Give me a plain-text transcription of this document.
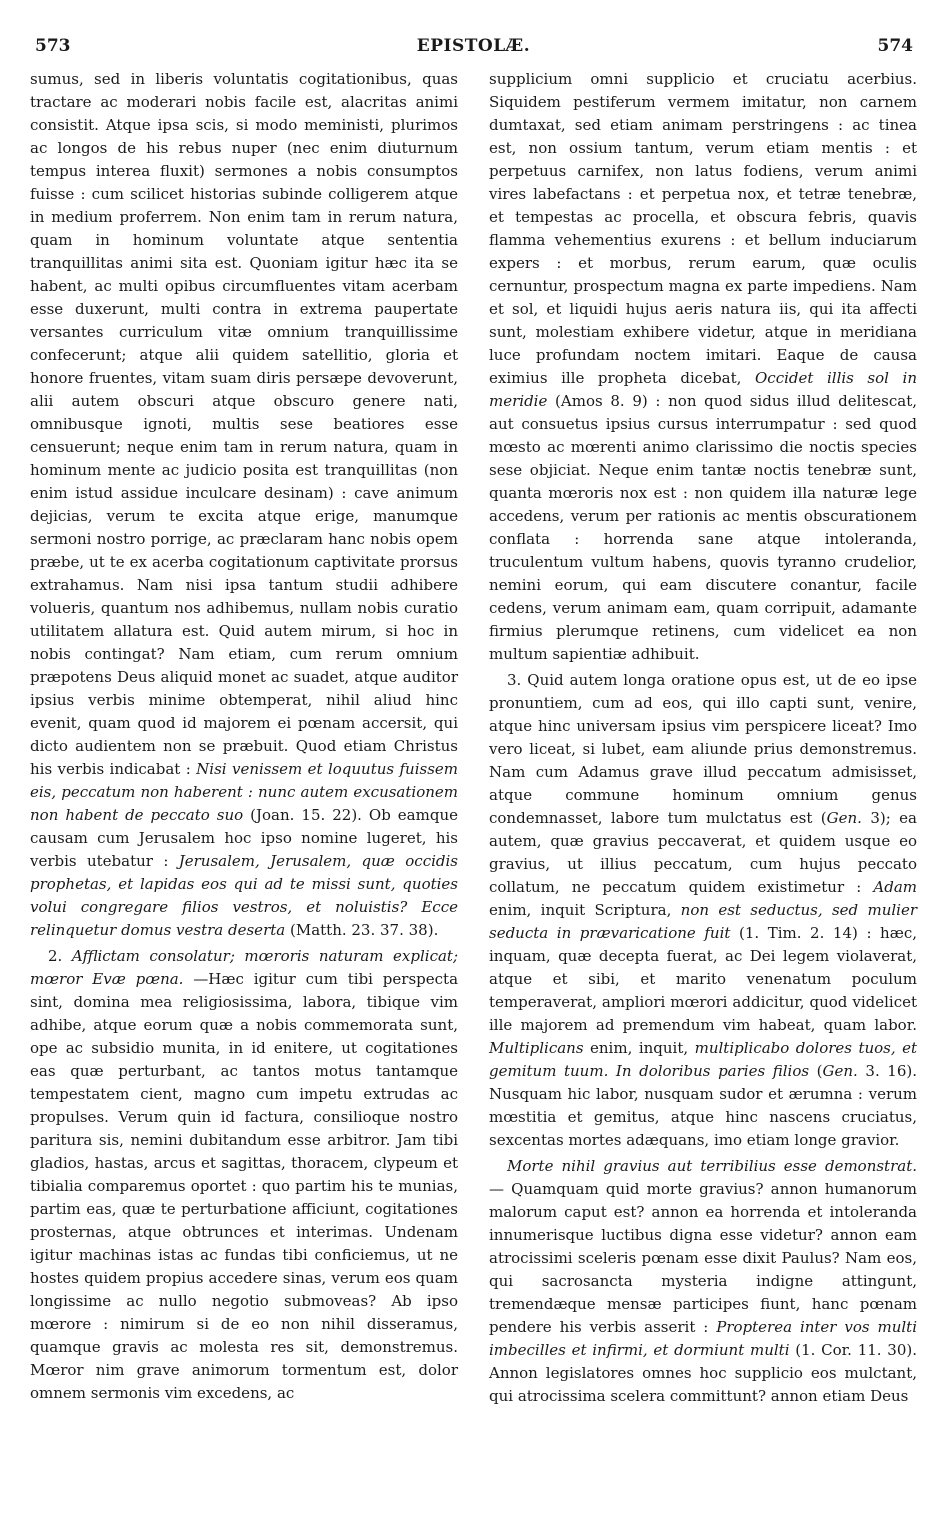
573	EPISTOLÆ.	574

sumus, sed in liberis voluntatis cogitationibus, quas tractare ac moderari nobis facile est, alacritas animi consistit. Atque ipsa scis, si modo meministi, plurimos ac longos de his rebus nuper (nec enim diuturnum tempus interea fluxit) sermones a nobis consumptos fuisse : cum scilicet historias subinde colligerem atque in medium proferrem. Non enim tam in rerum natura, quam in hominum voluntate atque sententia tranquillitas animi sita est. Quoniam igitur hæc ita se habent, ac multi opibus circumfluentes vitam acerbam esse duxerunt, multi contra in extrema paupertate versantes curriculum vitæ omnium tranquillissime confecerunt; atque alii quidem satellitio, gloria et honore fruentes, vitam suam diris persæpe devoverunt, alii autem obscuri atque obscuro genere nati, omnibusque ignoti, multis sese beatiores esse censuerunt; neque enim tam in rerum natura, quam in hominum mente ac judicio posita est tranquillitas (non enim istud assidue inculcare desinam) : cave animum dejicias, verum te excita atque erige, manumque sermoni nostro porrige, ac præclaram hanc nobis opem præbe, ut te ex acerba cogitationum captivitate prorsus extrahamus. Nam nisi ipsa tantum studii adhibere volueris, quantum nos adhibemus, nullam nobis curatio utilitatem allatura est. Quid autem mirum, si hoc in nobis contingat? Nam etiam, cum rerum omnium præpotens Deus aliquid monet ac suadet, atque auditor ipsius verbis minime obtemperat, nihil aliud hinc evenit, quam quod id majorem ei pœnam accersit, qui dicto audientem non se præbuit. Quod etiam Christus his verbis indicabat : Nisi venissem et loquutus fuissem eis, peccatum non haberent : nunc autem excusationem non habent de peccato suo (Joan. 15. 22). Ob eamque causam cum Jerusalem hoc ipso nomine lugeret, his verbis utebatur : Jerusalem, Jerusalem, quæ occidis prophetas, et lapidas eos qui ad te missi sunt, quoties volui congregare filios vestros, et noluistis? Ecce relinquetur domus vestra deserta (Matth. 23. 37. 38).

2. Afflictam consolatur; mœroris naturam explicat; mœror Evæ pœna. —Hæc igitur cum tibi perspecta sint, domina mea religiosissima, labora, tibique vim adhibe, atque eorum quæ a nobis commemorata sunt, ope ac subsidio munita, in id enitere, ut cogitationes eas quæ perturbant, ac tantos motus tantamque tempestatem cient, magno cum impetu extrudas ac propulses. Verum quin id factura, consilioque nostro paritura sis, nemini dubitandum esse arbitror. Jam tibi gladios, hastas, arcus et sagittas, thoracem, clypeum et tibialia comparemus oportet : quo partim his te munias, partim eas, quæ te perturbatione afficiunt, cogitationes prosternas, atque obtrunces et interimas. Undenam igitur machinas istas ac fundas tibi conficiemus, ut ne hostes quidem propius accedere sinas, verum eos quam longissime ac nullo negotio submoveas? Ab ipso mœrore : nimirum si de eo non nihil disseramus, quamque gravis ac molesta res sit, demonstremus. Mœror nim grave animorum tormentum est, dolor omnem sermonis vim excedens, ac

supplicium omni supplicio et cruciatu acerbius. Siquidem pestiferum vermem imitatur, non carnem dumtaxat, sed etiam animam perstringens : ac tinea est, non ossium tantum, verum etiam mentis : et perpetuus carnifex, non latus fodiens, verum animi vires labefactans : et perpetua nox, et tetræ tenebræ, et tempestas ac procella, et obscura febris, quavis flamma vehementius exurens : et bellum induciarum expers : et morbus, rerum earum, quæ oculis cernuntur, prospectum magna ex parte impediens. Nam et sol, et liquidi hujus aeris natura iis, qui ita affecti sunt, molestiam exhibere videtur, atque in meridiana luce profundam noctem imitari. Eaque de causa eximius ille propheta dicebat, Occidet illis sol in meridie (Amos 8. 9) : non quod sidus illud delitescat, aut consuetus ipsius cursus interrumpatur : sed quod mœsto ac mœrenti animo clarissimo die noctis species sese objiciat. Neque enim tantæ noctis tenebræ sunt, quanta mœroris nox est : non quidem illa naturæ lege accedens, verum per rationis ac mentis obscurationem conflata : horrenda sane atque intoleranda, truculentum vultum habens, quovis tyranno crudelior, nemini eorum, qui eam discutere conantur, facile cedens, verum animam eam, quam corripuit, adamante firmius plerumque retinens, cum videlicet ea non multum sapientiæ adhibuit.

3. Quid autem longa oratione opus est, ut de eo ipse pronuntiem, cum ad eos, qui illo capti sunt, venire, atque hinc universam ipsius vim perspicere liceat? Imo vero liceat, si lubet, eam aliunde prius demonstremus. Nam cum Adamus grave illud peccatum admisisset, atque commune hominum omnium genus condemnasset, labore tum mulctatus est (Gen. 3); ea autem, quæ gravius peccaverat, et quidem usque eo gravius, ut illius peccatum, cum hujus peccato collatum, ne peccatum quidem existimetur : Adam enim, inquit Scriptura, non est seductus, sed mulier seducta in prævaricatione fuit (1. Tim. 2. 14) : hæc, inquam, quæ decepta fuerat, ac Dei legem violaverat, atque et sibi, et marito venenatum poculum temperaverat, ampliori mœrori addicitur, quod videlicet ille majorem ad premendum vim habeat, quam labor. Multiplicans enim, inquit, multiplicabo dolores tuos, et gemitum tuum. In doloribus paries filios (Gen. 3. 16). Nusquam hic labor, nusquam sudor et ærumna : verum mœstitia et gemitus, atque hinc nascens cruciatus, sexcentas mortes adæquans, imo etiam longe gravior.

Morte nihil gravius aut terribilius esse demonstrat. — Quamquam quid morte gravius? annon humanorum malorum caput est? annon ea horrenda et intoleranda innumerisque luctibus digna esse videtur? annon eam atrocissimi sceleris pœnam esse dixit Paulus? Nam eos, qui sacrosancta mysteria indigne attingunt, tremendæque mensæ participes fiunt, hanc pœnam pendere his verbis asserit : Propterea inter vos multi imbecilles et infirmi, et dormiunt multi (1. Cor. 11. 30). Annon legislatores omnes hoc supplicio eos mulctant, qui atrocissima scelera committunt? annon etiam Deus
